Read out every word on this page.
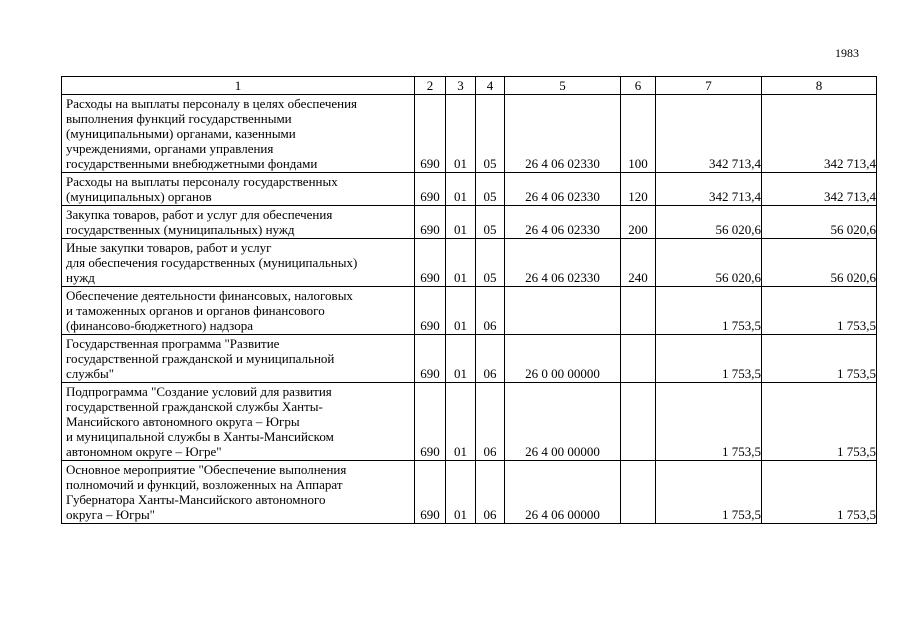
1983
1	2	3	4	5	6	7	8
Расходы на выплаты персоналу в целях обеспечения
выполнения функций государственными
(муниципальными) органами, казенными
учреждениями, органами управления
государственными внебюджетными фондами	690	01	05	26 4 06 02330	100	342 713,4	342 713,4
Расходы на выплаты персоналу государственных
(муниципальных) органов	690	01	05	26 4 06 02330	120	342 713,4	342 713,4
Закупка товаров, работ и услуг для обеспечения
государственных (муниципальных) нужд	690	01	05	26 4 06 02330	200	56 020,6	56 020,6
Иные закупки товаров, работ и услуг
для обеспечения государственных (муниципальных)
нужд	690	01	05	26 4 06 02330	240	56 020,6	56 020,6
Обеспечение деятельности финансовых, налоговых
и таможенных органов и органов финансового
(финансово-бюджетного) надзора	690	01	06			1 753,5	1 753,5
Государственная программа "Развитие
государственной гражданской и муниципальной
службы"	690	01	06	26 0 00 00000		1 753,5	1 753,5
Подпрограмма "Создание условий для развития
государственной гражданской службы Ханты-
Мансийского автономного округа – Югры
и муниципальной службы в Ханты-Мансийском
автономном округе – Югре"	690	01	06	26 4 00 00000		1 753,5	1 753,5
Основное мероприятие "Обеспечение выполнения
полномочий и функций, возложенных на Аппарат
Губернатора Ханты-Мансийского автономного
округа – Югры"	690	01	06	26 4 06 00000		1 753,5	1 753,5
